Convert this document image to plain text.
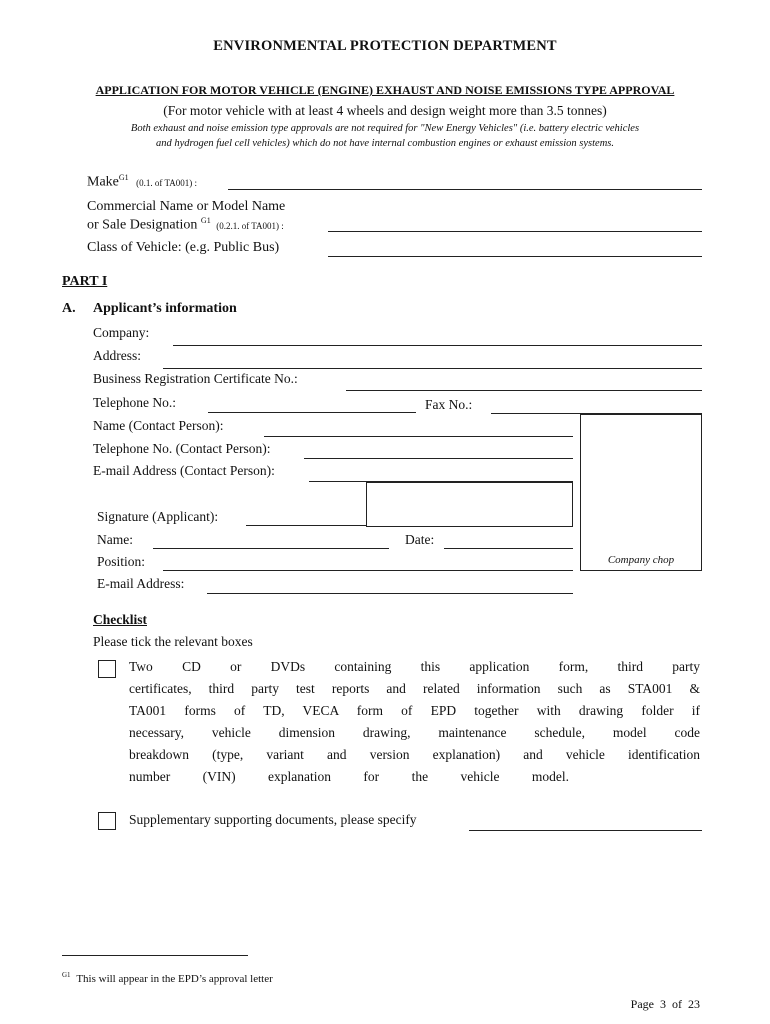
ENVIRONMENTAL PROTECTION DEPARTMENT
APPLICATION FOR MOTOR VEHICLE (ENGINE) EXHAUST AND NOISE EMISSIONS TYPE APPROVAL
(For motor vehicle with at least 4 wheels and design weight more than 3.5 tonnes)
Both exhaust and noise emission type approvals are not required for "New Energy Vehicles" (i.e. battery electric vehicles
and hydrogen fuel cell vehicles) which do not have internal combustion engines or exhaust emission systems.
Make$^{G1}$ (0.1. of TA001) :
Commercial Name or Model Name
or Sale Designation $^{G1}$ (0.2.1. of TA001) :
Class of Vehicle: (e.g. Public Bus)
PART I
A. Applicant’s information
Company:
Address:
Business Registration Certificate No.:
Telephone No.:	Fax No.:
Name (Contact Person):
Telephone No. (Contact Person):
E-mail Address (Contact Person):
Company chop
Signature (Applicant):
Name:	Date:
Position:
E-mail Address:
Checklist
Please tick the relevant boxes
Two CD or DVDs containing this application form, third party
certificates, third party test reports and related information such as STA001 &
TA001 forms of TD, VECA form of EPD together with drawing folder if
necessary, vehicle dimension drawing, maintenance schedule, model code
breakdown (type, variant and version explanation) and vehicle identification
number (VIN) explanation for the vehicle model.
Supplementary supporting documents, please specify
$^{G1}$ This will appear in the EPD’s approval letter
Page 3 of 23
